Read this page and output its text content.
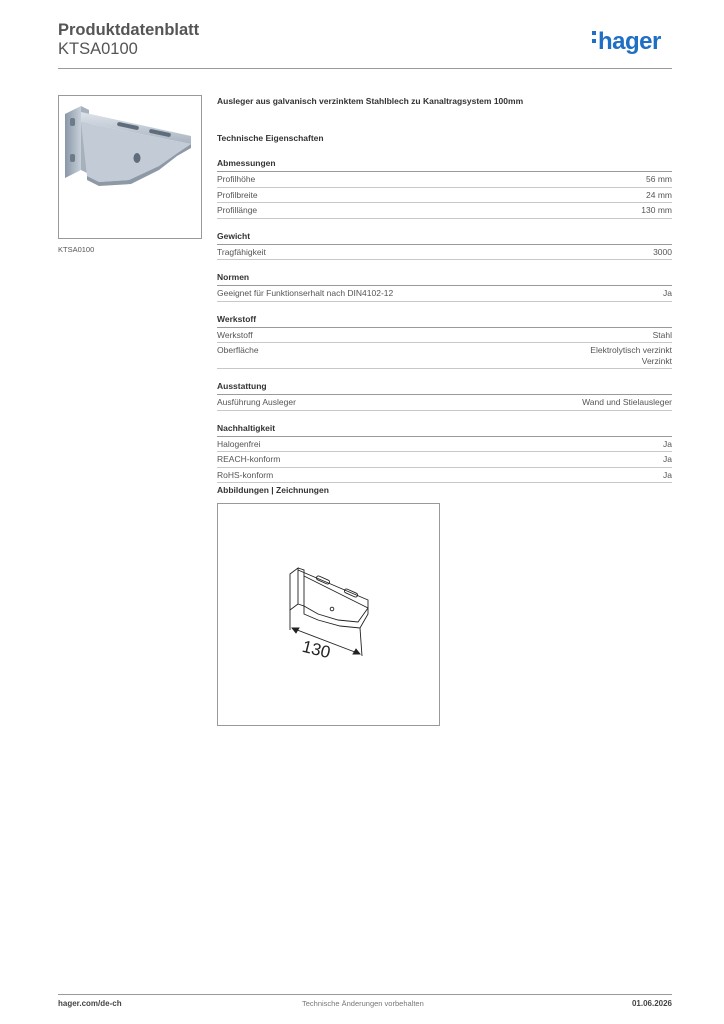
Produktdatenblatt
KTSA0100	hager
KTSA0100
Ausleger aus galvanisch verzinktem Stahlblech zu Kanaltragsystem 100mm
Technische Eigenschaften
Abmessungen
Profilhöhe	56 mm
Profilbreite	24 mm
Profillänge	130 mm
Gewicht
Tragfähigkeit	3000
Normen
Geeignet für Funktionserhalt nach DIN4102-12	Ja
Werkstoff
Werkstoff	Stahl
Oberfläche	Elektrolytisch verzinkt
Verzinkt
Ausstattung
Ausführung Ausleger	Wand und Stielausleger
Nachhaltigkeit
Halogenfrei	Ja
REACH-konform	Ja
RoHS-konform	Ja
Abbildungen | Zeichnungen
130
hager.com/de-ch	Technische Änderungen vorbehalten	01.06.2026
